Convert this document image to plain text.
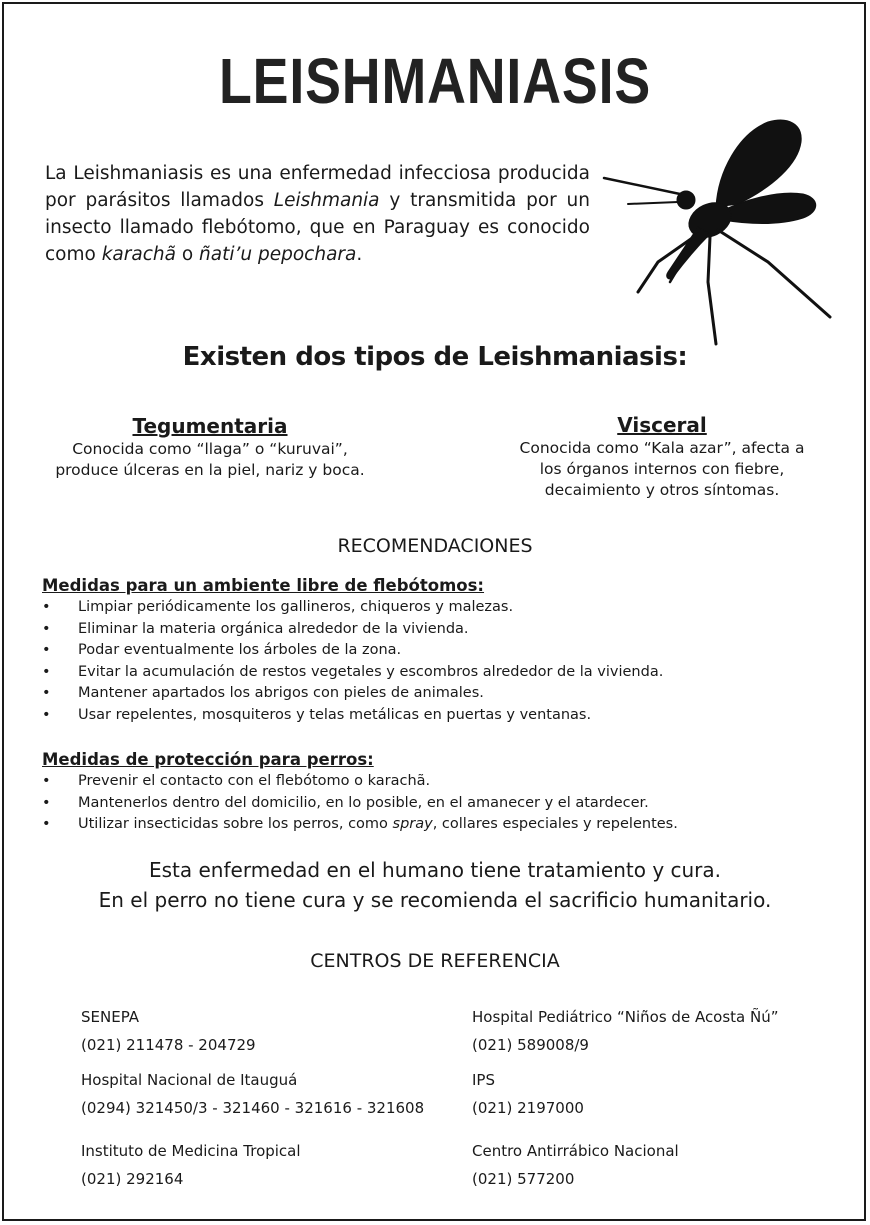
LEISHMANIASIS
La Leishmaniasis es una enfermedad infecciosa producida por parásitos llamados Leishmania y transmitida por un insecto llamado flebótomo, que en Paraguay es conocido como karachã o ñati’u pepochara.
Existen dos tipos de Leishmaniasis:
Tegumentaria
Conocida como “llaga” o “kuruvai”,
produce úlceras en la piel, nariz y boca.
Visceral
Conocida como “Kala azar”, afecta a
los órganos internos con fiebre,
decaimiento y otros síntomas.
RECOMENDACIONES
Medidas para un ambiente libre de flebótomos:
• Limpiar periódicamente los gallineros, chiqueros y malezas.
• Eliminar la materia orgánica alrededor de la vivienda.
• Podar eventualmente los árboles de la zona.
• Evitar la acumulación de restos vegetales y escombros alrededor de la vivienda.
• Mantener apartados los abrigos con pieles de animales.
• Usar repelentes, mosquiteros y telas metálicas en puertas y ventanas.
Medidas de protección para perros:
• Prevenir el contacto con el flebótomo o karachã.
• Mantenerlos dentro del domicilio, en lo posible, en el amanecer y el atardecer.
• Utilizar insecticidas sobre los perros, como spray, collares especiales y repelentes.
Esta enfermedad en el humano tiene tratamiento y cura.
En el perro no tiene cura y se recomienda el sacrificio humanitario.
CENTROS DE REFERENCIA
SENEPA
(021) 211478 - 204729
Hospital Pediátrico “Niños de Acosta Ñú”
(021) 589008/9
Hospital Nacional de Itauguá
(0294) 321450/3 - 321460 - 321616 - 321608
IPS
(021) 2197000
Instituto de Medicina Tropical
(021) 292164
Centro Antirrábico Nacional
(021) 577200
